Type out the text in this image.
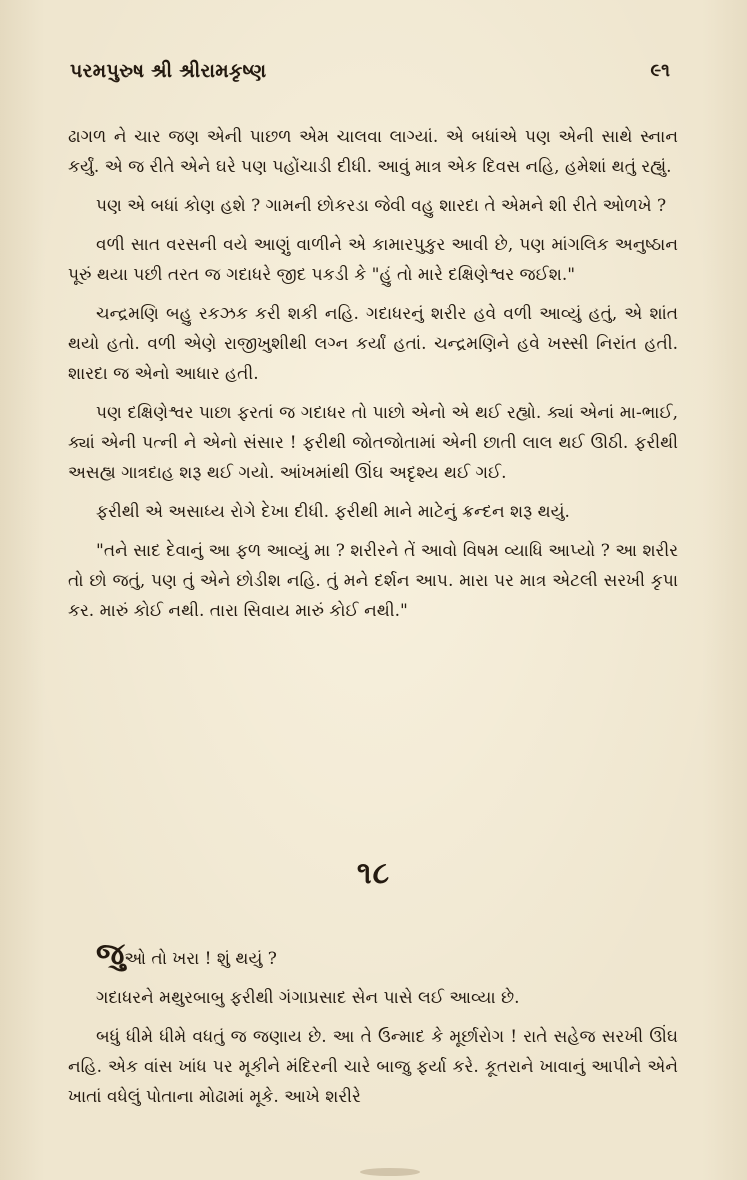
પરમપુરુષ શ્રી શ્રીરામકૃષ્ણ	૯૧

ઢાગળ ને ચાર જણ એની પાછળ એમ ચાલવા લાગ્યાં. એ બધાંએ પણ એની સાથે સ્નાન કર્યું. એ જ રીતે એને ઘરે પણ પહોંચાડી દીધી. આવું માત્ર એક દિવસ નહિ, હમેશાં થતું રહ્યું.

પણ એ બધાં કોણ હશે ? ગામની છોકરડા જેવી વહુ શારદા તે એમને શી રીતે ઓળખે ?

વળી સાત વરસની વયે આણું વાળીને એ કામારપુકુર આવી છે, પણ માંગલિક અનુષ્ઠાન પૂરું થયા પછી તરત જ ગદાધરે જીદ પકડી કે "હું તો મારે દક્ષિણેશ્વર જઈશ."

ચન્દ્રમણિ બહુ રકઝક કરી શકી નહિ. ગદાધરનું શરીર હવે વળી આવ્યું હતું, એ શાંત થયો હતો. વળી એણે રાજીખુશીથી લગ્ન કર્યાં હતાં. ચન્દ્રમણિને હવે ખસ્સી નિરાંત હતી. શારદા જ એનો આધાર હતી.

પણ દક્ષિણેશ્વર પાછા ફરતાં જ ગદાધર તો પાછો એનો એ થઈ રહ્યો. ક્યાં એનાં મા-ભાઈ, ક્યાં એની પત્ની ને એનો સંસાર ! ફરીથી જોતજોતામાં એની છાતી લાલ થઈ ઊઠી. ફરીથી અસહ્ય ગાત્રદાહ શરૂ થઈ ગયો. આંખમાંથી ઊંઘ અદૃશ્ય થઈ ગઈ.

ફરીથી એ અસાધ્ય રોગે દેખા દીધી. ફરીથી માને માટેનું ક્રન્દન શરૂ થયું.

"તને સાદ દેવાનું આ ફળ આવ્યું મા ? શરીરને તેં આવો વિષમ વ્યાધિ આપ્યો ? આ શરીર તો છો જતું, પણ તું એને છોડીશ નહિ. તું મને દર્શન આપ. મારા પર માત્ર એટલી સરખી કૃપા કર. મારું કોઈ નથી. તારા સિવાય મારું કોઈ નથી."

૧૮

જુઓ તો ખરા ! શું થયું ?

ગદાધરને મથુરબાબુ ફરીથી ગંગાપ્રસાદ સેન પાસે લઈ આવ્યા છે.

બધું ધીમે ધીમે વધતું જ જણાય છે. આ તે ઉન્માદ કે મૂર્છારોગ ! રાતે સહેજ સરખી ઊંઘ નહિ. એક વાંસ ખાંધ પર મૂકીને મંદિરની ચારે બાજુ ફર્યા કરે. કૂતરાને ખાવાનું આપીને એને ખાતાં વધેલું પોતાના મોઢામાં મૂકે. આખે શરીરે
